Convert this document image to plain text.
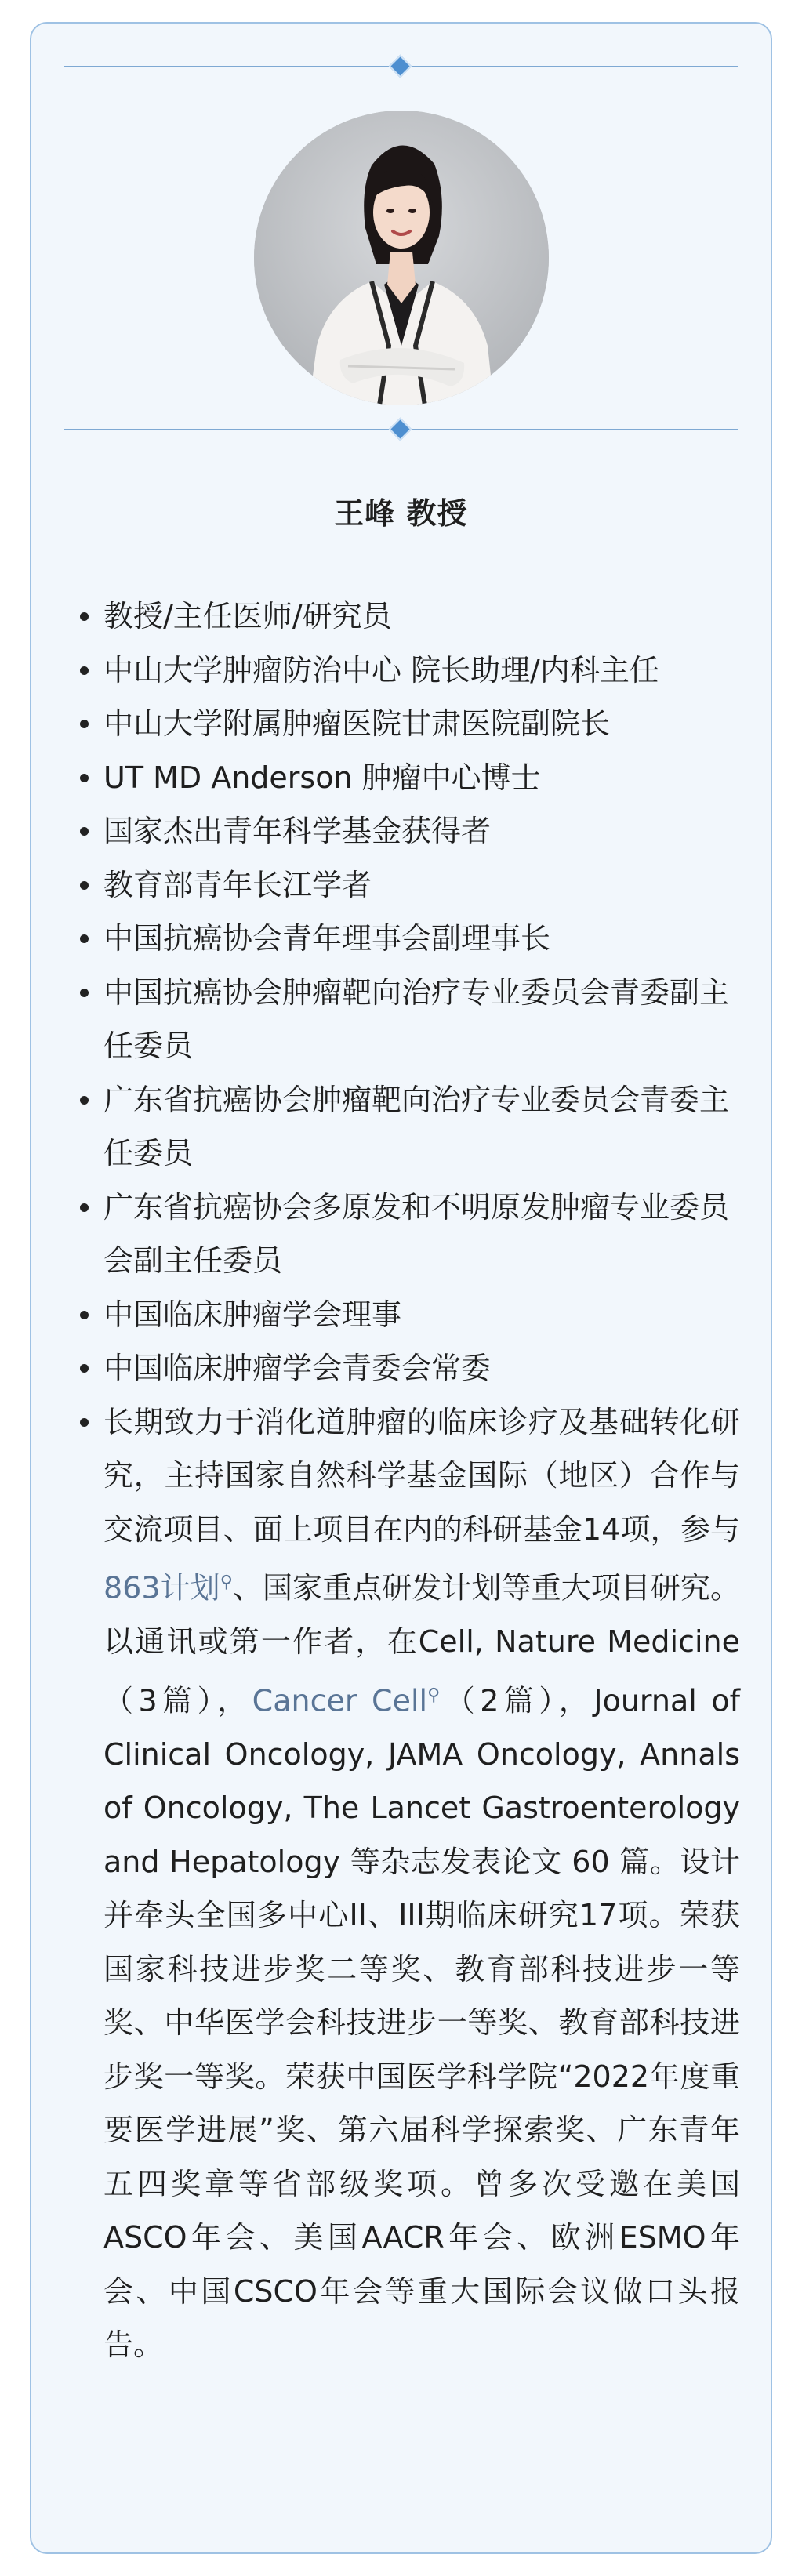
王峰 教授
教授/主任医师/研究员
中山大学肿瘤防治中心 院长助理/内科主任
中山大学附属肿瘤医院甘肃医院副院长
UT MD Anderson 肿瘤中心博士
国家杰出青年科学基金获得者
教育部青年长江学者
中国抗癌协会青年理事会副理事长
中国抗癌协会肿瘤靶向治疗专业委员会青委副主任委员
广东省抗癌协会肿瘤靶向治疗专业委员会青委主任委员
广东省抗癌协会多原发和不明原发肿瘤专业委员会副主任委员
中国临床肿瘤学会理事
中国临床肿瘤学会青委会常委
长期致力于消化道肿瘤的临床诊疗及基础转化研究，主持国家自然科学基金国际（地区）合作与交流项目、面上项目在内的科研基金14项，参与863计划⚲、国家重点研发计划等重大项目研究。以通讯或第一作者，在Cell, Nature Medicine（3篇），Cancer Cell⚲（2篇），Journal of Clinical Oncology, JAMA Oncology, Annals of Oncology, The Lancet Gastroenterology and Hepatology 等杂志发表论文 60 篇。设计并牵头全国多中心II、III期临床研究17项。荣获国家科技进步奖二等奖、教育部科技进步一等奖、中华医学会科技进步一等奖、教育部科技进步奖一等奖。荣获中国医学科学院“2022年度重要医学进展”奖、第六届科学探索奖、广东青年五四奖章等省部级奖项。曾多次受邀在美国ASCO年会、美国AACR年会、欧洲ESMO年会、中国CSCO年会等重大国际会议做口头报告。
